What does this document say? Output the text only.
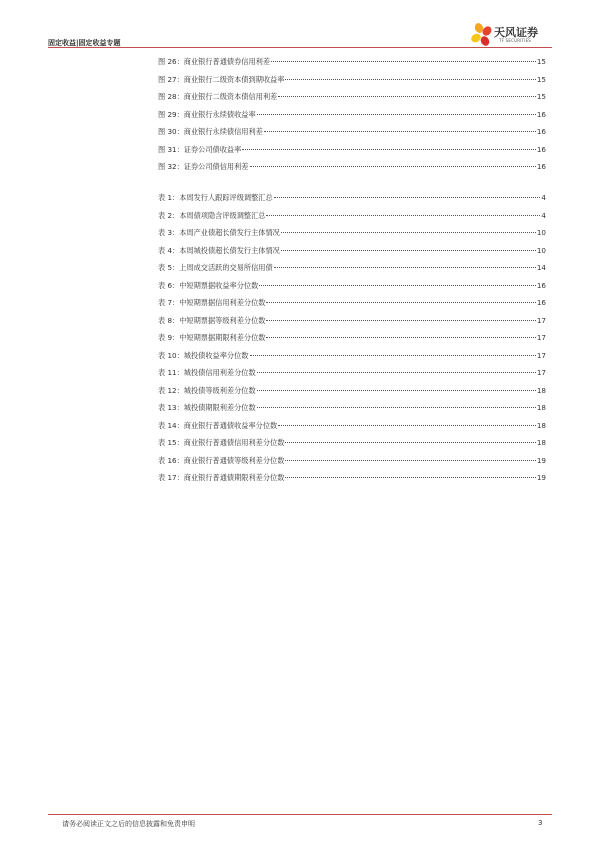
固定收益|固定收益专题
天风证券
TF SECURITIES
图 26：商业银行普通债券信用利差	15
图 27：商业银行二级资本债到期收益率	15
图 28：商业银行二级资本债信用利差	15
图 29：商业银行永续债收益率	16
图 30：商业银行永续债信用利差	16
图 31：证券公司债收益率	16
图 32：证券公司债信用利差	16
表 1：本周发行人跟踪评级调整汇总	4
表 2：本周债项隐含评级调整汇总	4
表 3：本周产业债超长债发行主体情况	10
表 4：本周城投债超长债发行主体情况	10
表 5：上周成交活跃的交易所信用债	14
表 6：中短期票据收益率分位数	16
表 7：中短期票据信用利差分位数	16
表 8：中短期票据等级利差分位数	17
表 9：中短期票据期限利差分位数	17
表 10：城投债收益率分位数	17
表 11：城投债信用利差分位数	17
表 12：城投债等级利差分位数	18
表 13：城投债期限利差分位数	18
表 14：商业银行普通债收益率分位数	18
表 15：商业银行普通债信用利差分位数	18
表 16：商业银行普通债等级利差分位数	19
表 17：商业银行普通债期限利差分位数	19
请务必阅读正文之后的信息披露和免责申明	3
